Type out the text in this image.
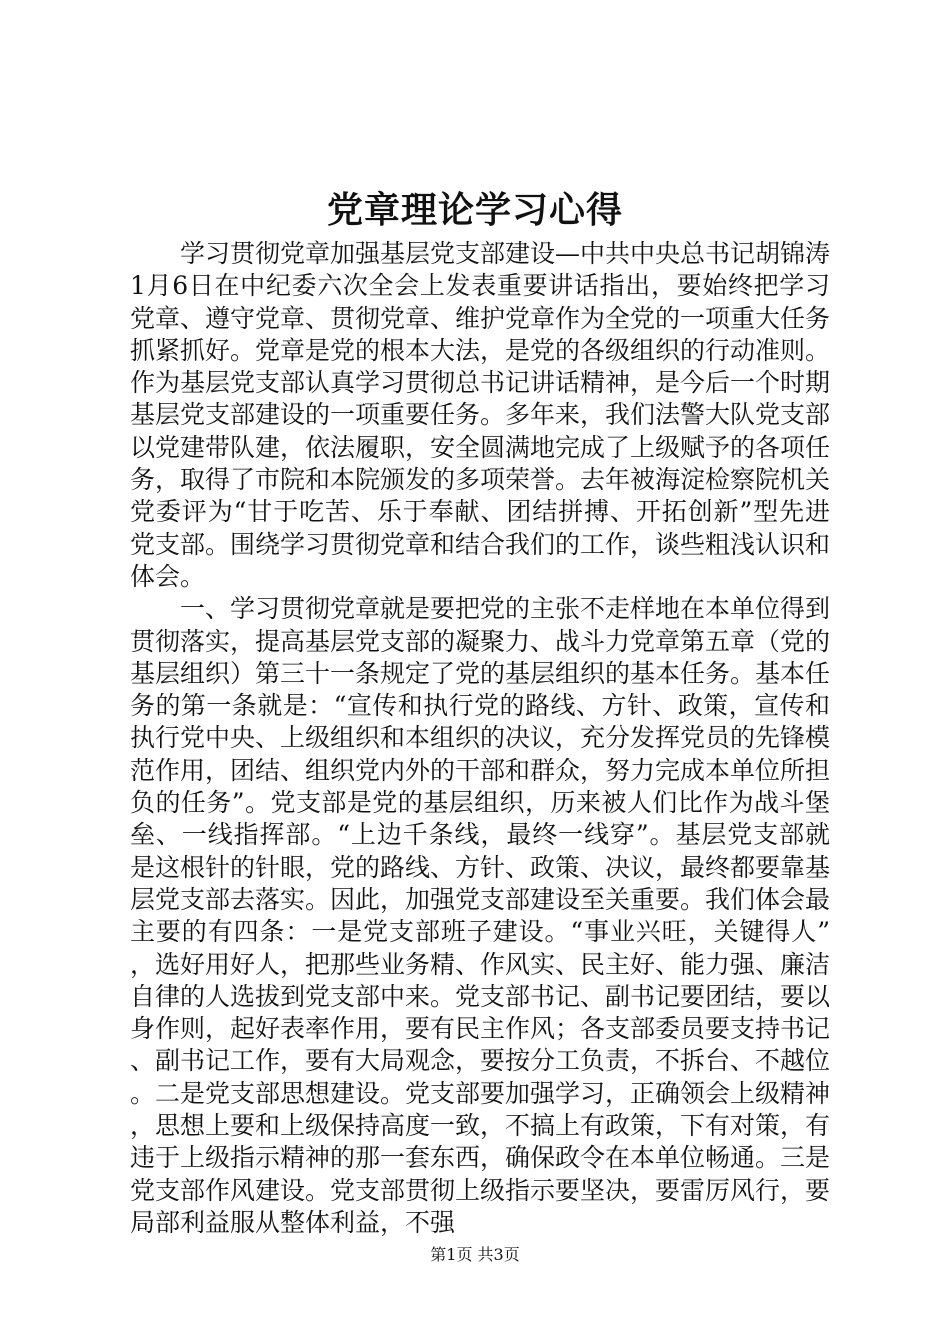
党章理论学习心得

学习贯彻党章加强基层党支部建设—中共中央总书记胡锦涛1月6日在中纪委六次全会上发表重要讲话指出，要始终把学习党章、遵守党章、贯彻党章、维护党章作为全党的一项重大任务抓紧抓好。党章是党的根本大法，是党的各级组织的行动准则。作为基层党支部认真学习贯彻总书记讲话精神，是今后一个时期基层党支部建设的一项重要任务。多年来，我们法警大队党支部以党建带队建，依法履职，安全圆满地完成了上级赋予的各项任务，取得了市院和本院颁发的多项荣誉。去年被海淀检察院机关党委评为“甘于吃苦、乐于奉献、团结拼搏、开拓创新”型先进党支部。围绕学习贯彻党章和结合我们的工作，谈些粗浅认识和体会。

一、学习贯彻党章就是要把党的主张不走样地在本单位得到贯彻落实，提高基层党支部的凝聚力、战斗力党章第五章（党的基层组织）第三十一条规定了党的基层组织的基本任务。基本任务的第一条就是：“宣传和执行党的路线、方针、政策，宣传和执行党中央、上级组织和本组织的决议，充分发挥党员的先锋模范作用，团结、组织党内外的干部和群众，努力完成本单位所担负的任务”。党支部是党的基层组织，历来被人们比作为战斗堡垒、一线指挥部。“上边千条线，最终一线穿”。基层党支部就是这根针的针眼，党的路线、方针、政策、决议，最终都要靠基层党支部去落实。因此，加强党支部建设至关重要。我们体会最主要的有四条：一是党支部班子建设。“事业兴旺，关键得人”，选好用好人，把那些业务精、作风实、民主好、能力强、廉洁自律的人选拔到党支部中来。党支部书记、副书记要团结，要以身作则，起好表率作用，要有民主作风；各支部委员要支持书记、副书记工作，要有大局观念，要按分工负责，不拆台、不越位。二是党支部思想建设。党支部要加强学习，正确领会上级精神，思想上要和上级保持高度一致，不搞上有政策，下有对策，有违于上级指示精神的那一套东西，确保政令在本单位畅通。三是党支部作风建设。党支部贯彻上级指示要坚决，要雷厉风行，要局部利益服从整体利益，不强

第1页 共3页
